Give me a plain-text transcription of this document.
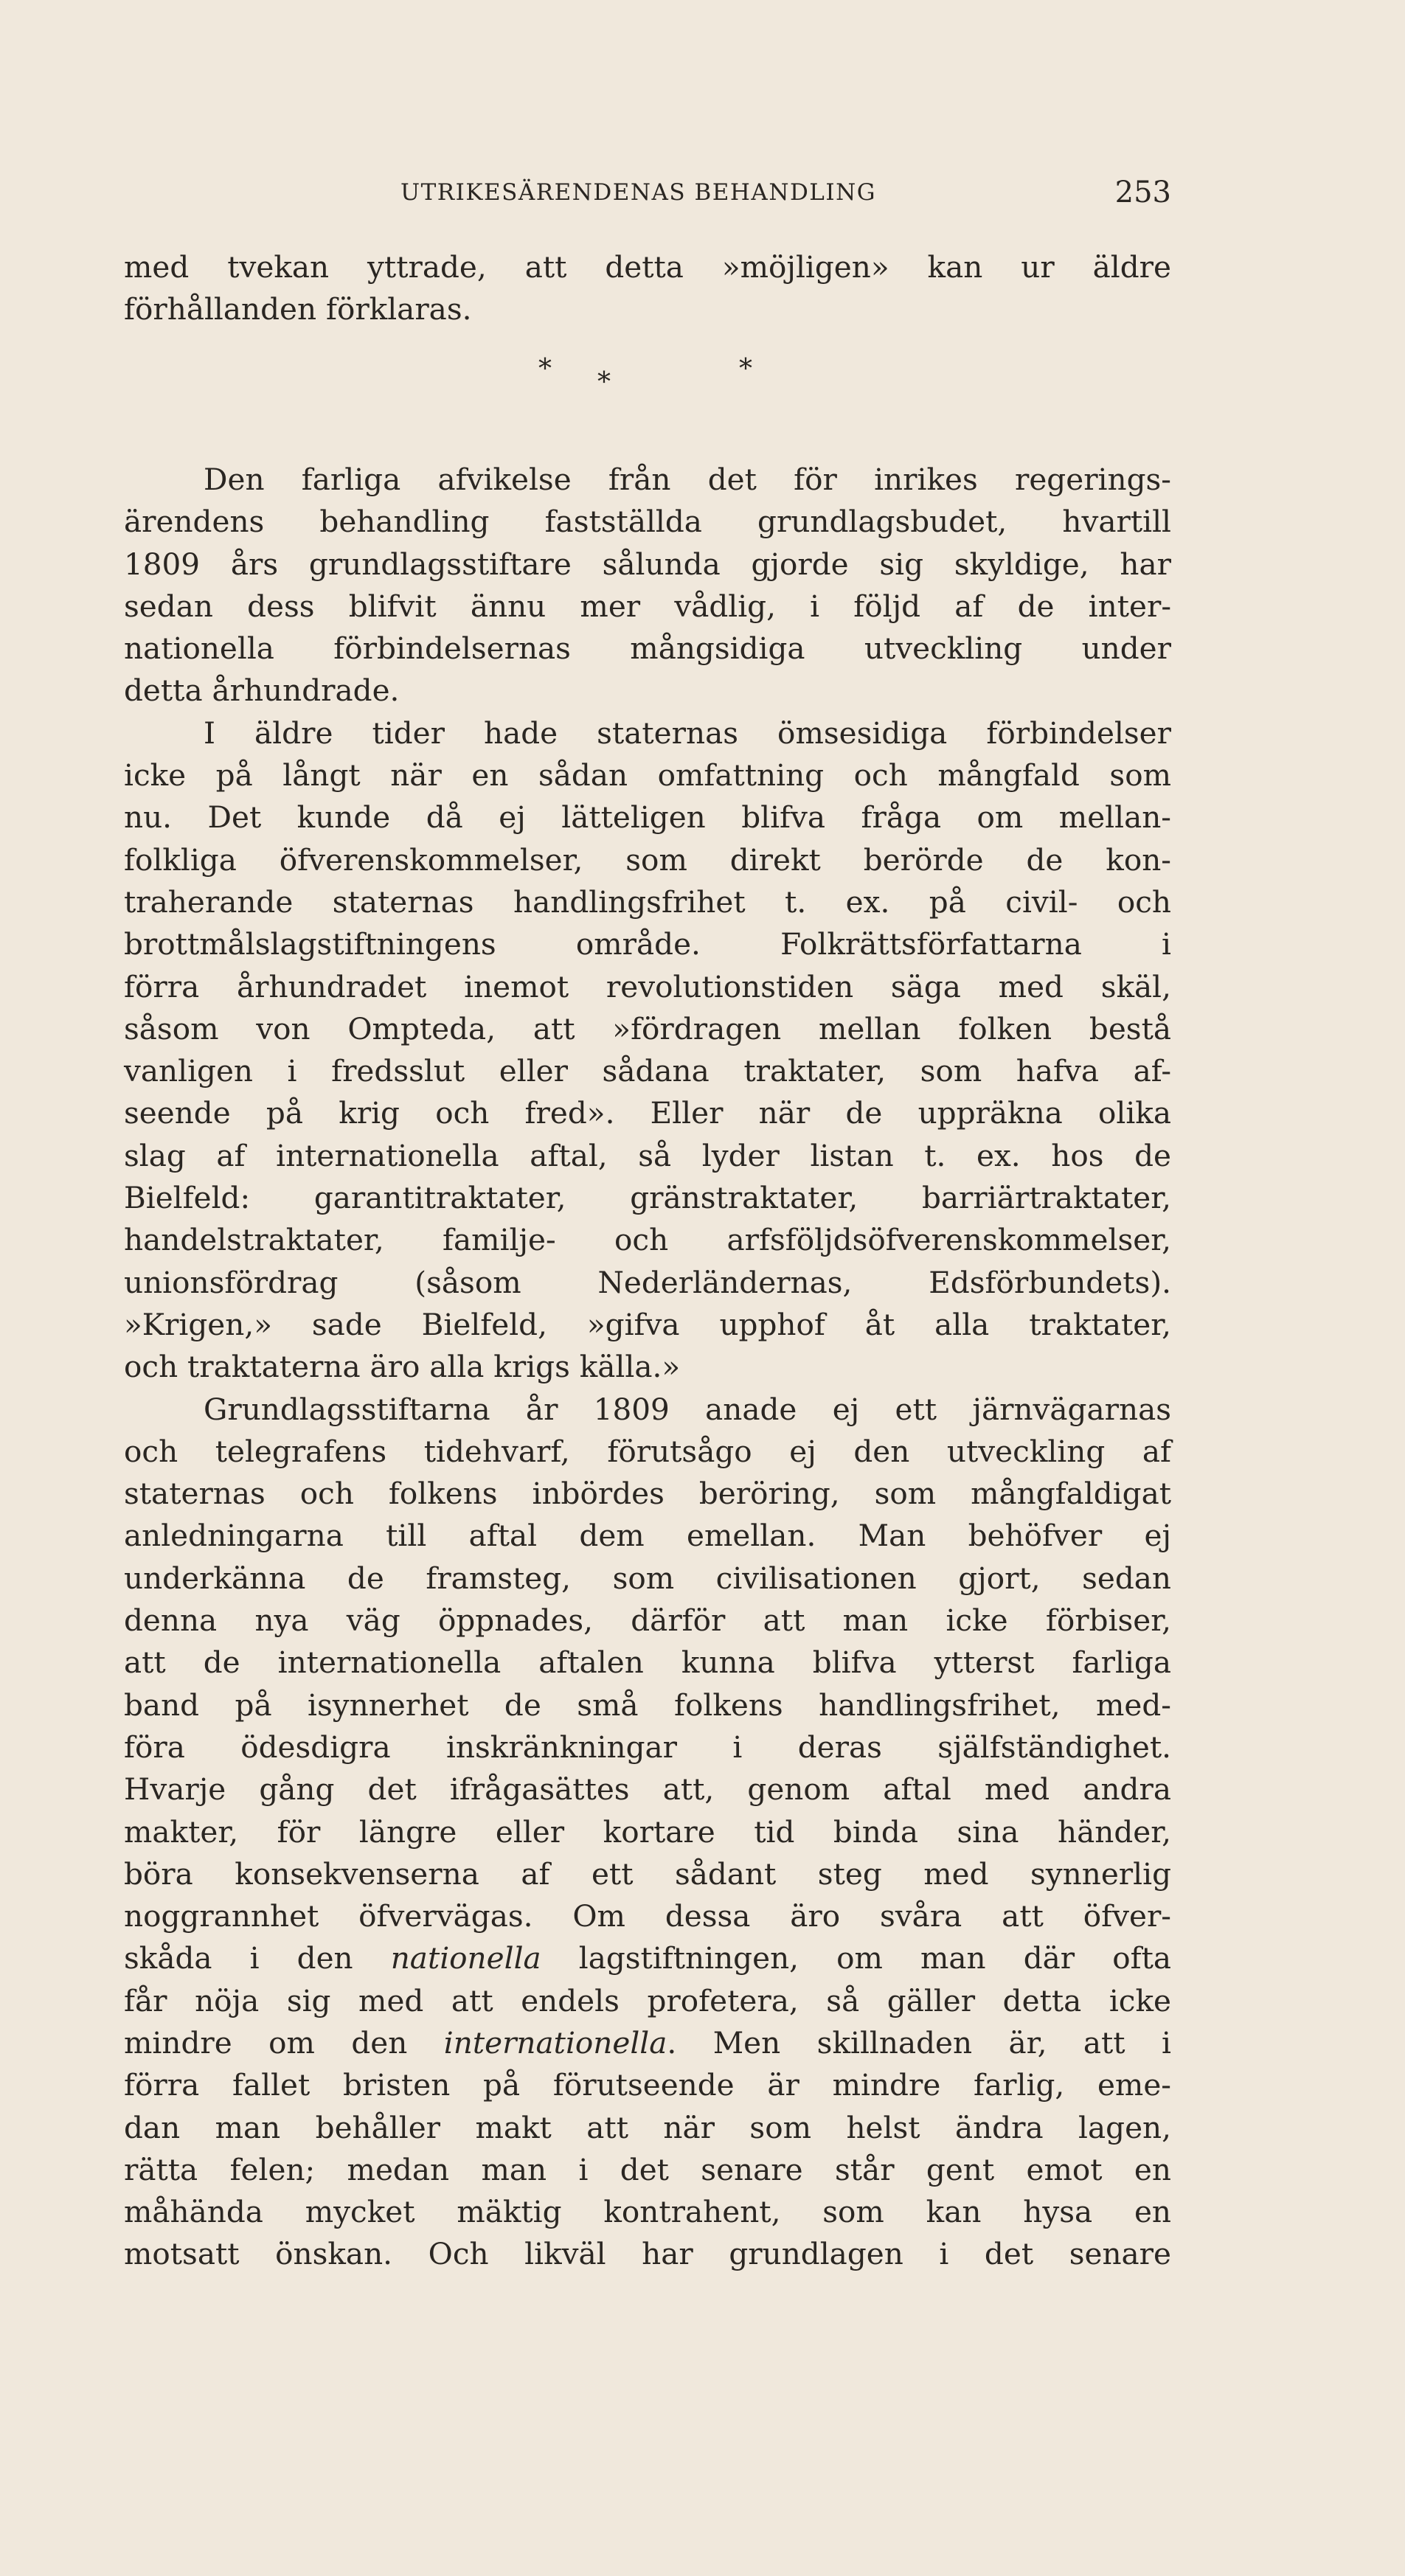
UTRIKESÄRENDENAS BEHANDLING	253
med tvekan yttrade, att detta »möjligen» kan ur äldre
förhållanden förklaras.
* *	*
Den farliga afvikelse från det för inrikes regerings-
ärendens behandling fastställda grundlagsbudet, hvartill
1809 års grundlagsstiftare sålunda gjorde sig skyldige, har
sedan dess blifvit ännu mer vådlig, i följd af de inter-
nationella förbindelsernas mångsidiga utveckling under
detta århundrade.
I äldre tider hade staternas ömsesidiga förbindelser
icke på långt när en sådan omfattning och mångfald som
nu. Det kunde då ej lätteligen blifva fråga om mellan-
folkliga öfverenskommelser, som direkt berörde de kon-
traherande staternas handlingsfrihet t. ex. på civil- och
brottmålslagstiftningens område. Folkrättsförfattarna i
förra århundradet inemot revolutionstiden säga med skäl,
såsom von Ompteda, att »fördragen mellan folken bestå
vanligen i fredsslut eller sådana traktater, som hafva af-
seende på krig och fred». Eller när de uppräkna olika
slag af internationella aftal, så lyder listan t. ex. hos de
Bielfeld: garantitraktater, gränstraktater, barriärtraktater,
handelstraktater, familje- och arfsföljdsöfverenskommelser,
unionsfördrag (såsom Nederländernas, Edsförbundets).
»Krigen,» sade Bielfeld, »gifva upphof åt alla traktater,
och traktaterna äro alla krigs källa.»
Grundlagsstiftarna år 1809 anade ej ett järnvägarnas
och telegrafens tidehvarf, förutsågo ej den utveckling af
staternas och folkens inbördes beröring, som mångfaldigat
anledningarna till aftal dem emellan. Man behöfver ej
underkänna de framsteg, som civilisationen gjort, sedan
denna nya väg öppnades, därför att man icke förbiser,
att de internationella aftalen kunna blifva ytterst farliga
band på isynnerhet de små folkens handlingsfrihet, med-
föra ödesdigra inskränkningar i deras själfständighet.
Hvarje gång det ifrågasättes att, genom aftal med andra
makter, för längre eller kortare tid binda sina händer,
böra konsekvenserna af ett sådant steg med synnerlig
noggrannhet öfvervägas. Om dessa äro svåra att öfver-
skåda i den nationella lagstiftningen, om man där ofta
får nöja sig med att endels profetera, så gäller detta icke
mindre om den internationella. Men skillnaden är, att i
förra fallet bristen på förutseende är mindre farlig, eme-
dan man behåller makt att när som helst ändra lagen,
rätta felen; medan man i det senare står gent emot en
måhända mycket mäktig kontrahent, som kan hysa en
motsatt önskan. Och likväl har grundlagen i det senare
